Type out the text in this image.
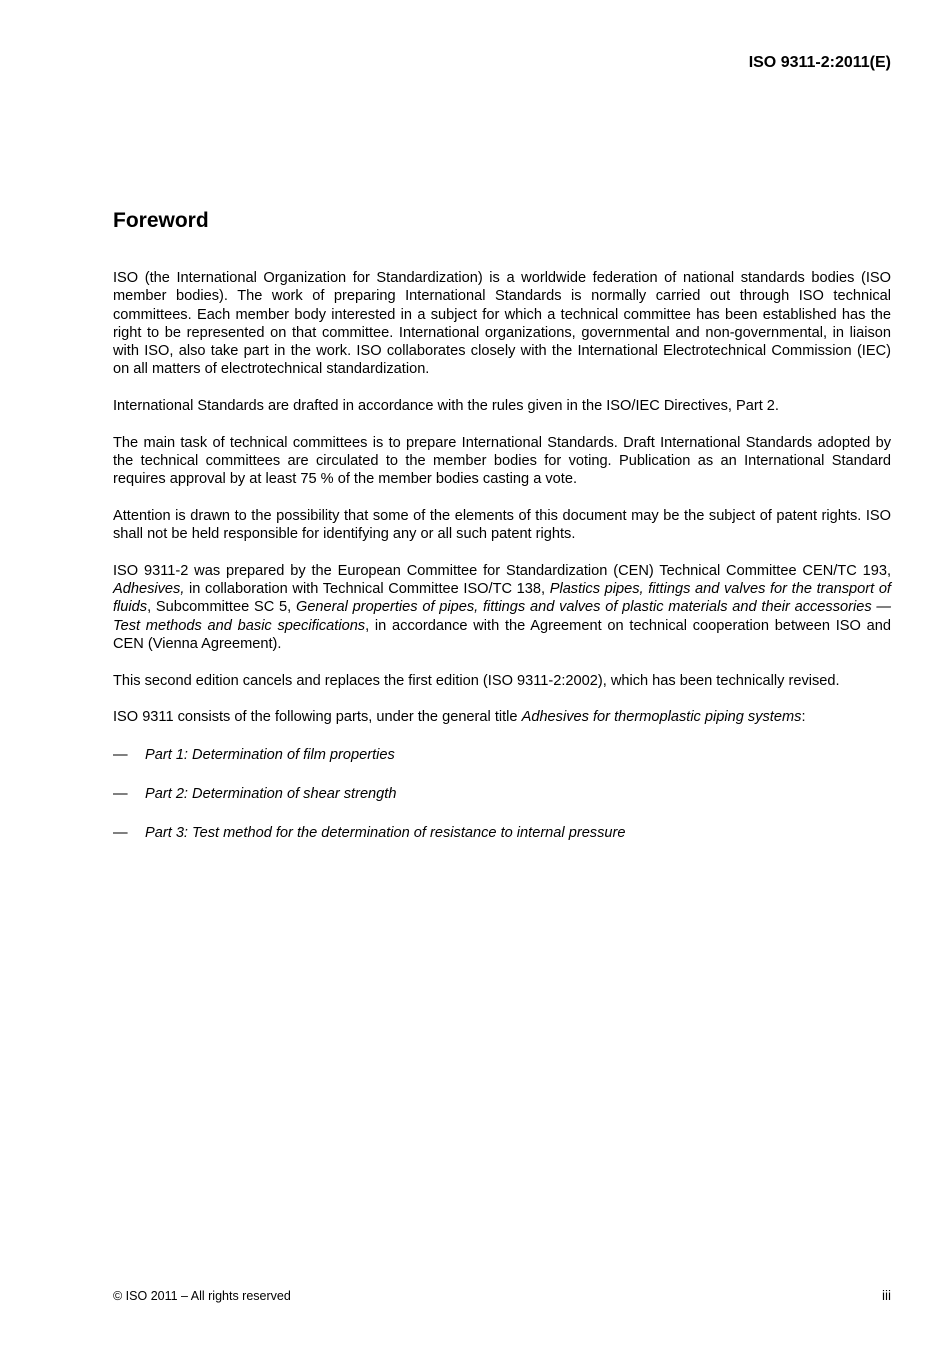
ISO 9311-2:2011(E)
Foreword

ISO (the International Organization for Standardization) is a worldwide federation of national standards bodies (ISO member bodies). The work of preparing International Standards is normally carried out through ISO technical committees. Each member body interested in a subject for which a technical committee has been established has the right to be represented on that committee. International organizations, governmental and non-governmental, in liaison with ISO, also take part in the work. ISO collaborates closely with the International Electrotechnical Commission (IEC) on all matters of electrotechnical standardization.

International Standards are drafted in accordance with the rules given in the ISO/IEC Directives, Part 2.

The main task of technical committees is to prepare International Standards. Draft International Standards adopted by the technical committees are circulated to the member bodies for voting. Publication as an International Standard requires approval by at least 75 % of the member bodies casting a vote.

Attention is drawn to the possibility that some of the elements of this document may be the subject of patent rights. ISO shall not be held responsible for identifying any or all such patent rights.

ISO 9311-2 was prepared by the European Committee for Standardization (CEN) Technical Committee CEN/TC 193, Adhesives, in collaboration with Technical Committee ISO/TC 138, Plastics pipes, fittings and valves for the transport of fluids, Subcommittee SC 5, General properties of pipes, fittings and valves of plastic materials and their accessories — Test methods and basic specifications, in accordance with the Agreement on technical cooperation between ISO and CEN (Vienna Agreement).

This second edition cancels and replaces the first edition (ISO 9311-2:2002), which has been technically revised.

ISO 9311 consists of the following parts, under the general title Adhesives for thermoplastic piping systems:

— Part 1: Determination of film properties
— Part 2: Determination of shear strength
— Part 3: Test method for the determination of resistance to internal pressure
© ISO 2011 – All rights reserved	iii
